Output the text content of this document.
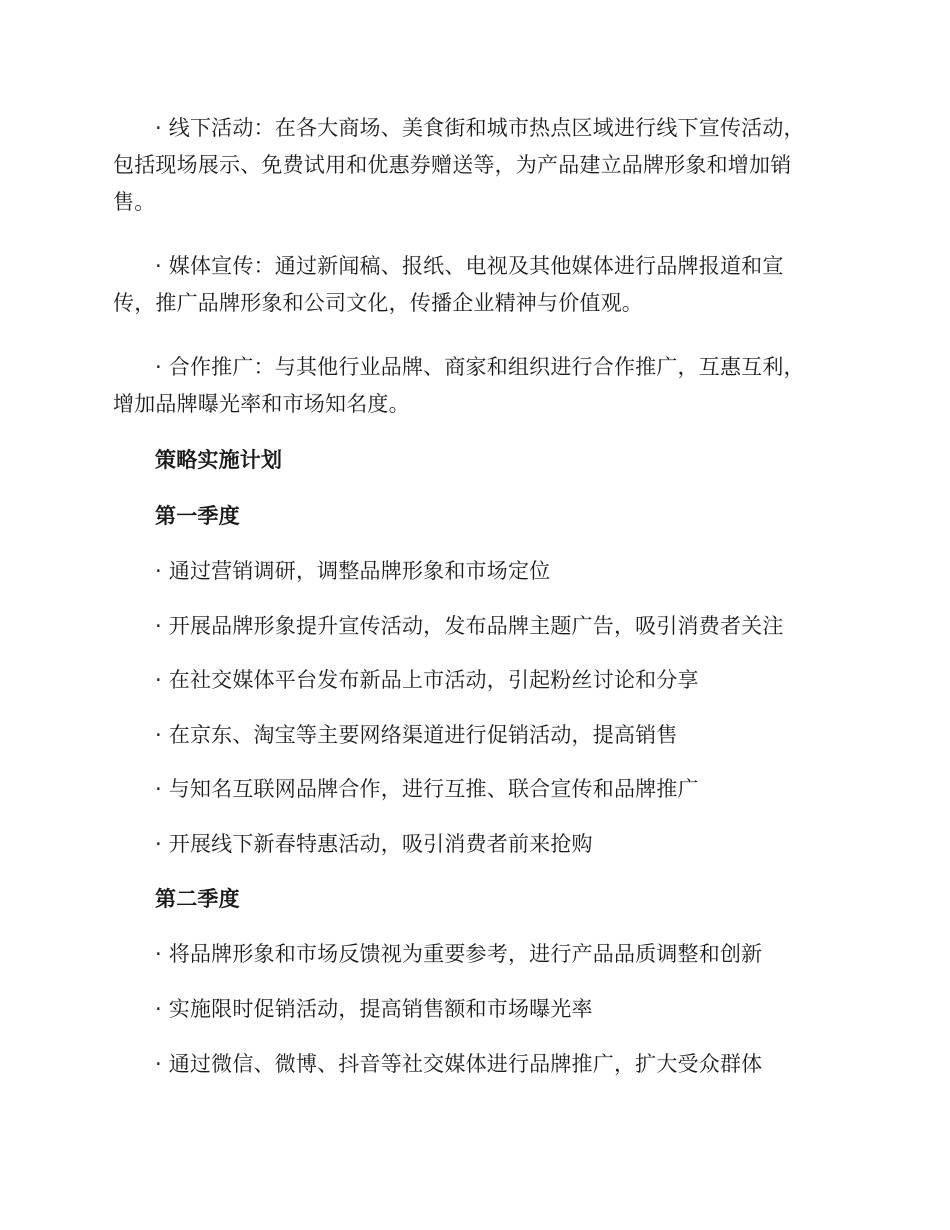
· 线下活动：在各大商场、美食街和城市热点区域进行线下宣传活动，包括现场展示、免费试用和优惠券赠送等，为产品建立品牌形象和增加销售。

· 媒体宣传：通过新闻稿、报纸、电视及其他媒体进行品牌报道和宣传，推广品牌形象和公司文化，传播企业精神与价值观。

· 合作推广：与其他行业品牌、商家和组织进行合作推广，互惠互利，增加品牌曝光率和市场知名度。

策略实施计划

第一季度

· 通过营销调研，调整品牌形象和市场定位

· 开展品牌形象提升宣传活动，发布品牌主题广告，吸引消费者关注

· 在社交媒体平台发布新品上市活动，引起粉丝讨论和分享

· 在京东、淘宝等主要网络渠道进行促销活动，提高销售

· 与知名互联网品牌合作，进行互推、联合宣传和品牌推广

· 开展线下新春特惠活动，吸引消费者前来抢购

第二季度

· 将品牌形象和市场反馈视为重要参考，进行产品品质调整和创新

· 实施限时促销活动，提高销售额和市场曝光率

· 通过微信、微博、抖音等社交媒体进行品牌推广，扩大受众群体
